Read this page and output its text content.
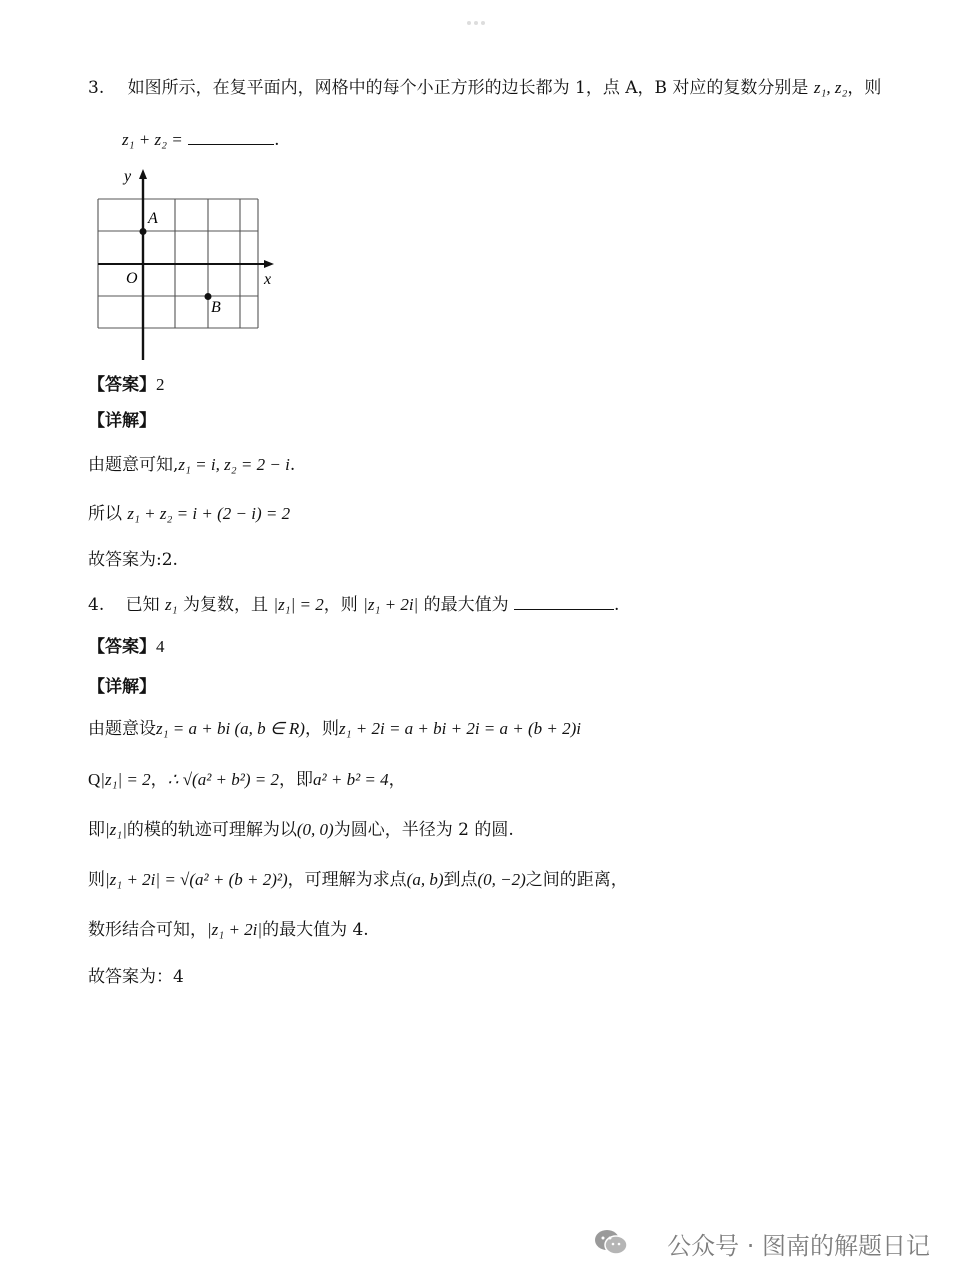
3. 如图所示，在复平面内，网格中的每个小正方形的边长都为 1，点 A，B 对应的复数分别是 z₁, z₂，则
z₁ + z₂ =	.
y
x
O
A
B
【答案】2
【详解】
由题意可知,z₁ = i, z₂ = 2 − i.
所以 z₁ + z₂ = i + (2 − i) = 2
故答案为:2.
4. 已知 z₁ 为复数，且 |z₁| = 2，则 |z₁ + 2i| 的最大值为	.
【答案】4
【详解】
由题意设z₁ = a + bi (a, b ∈ R)，则z₁ + 2i = a + bi + 2i = a + (b + 2)i
Q|z₁| = 2，∴ √(a² + b²) = 2，即a² + b² = 4，
即|z₁|的模的轨迹可理解为以(0, 0)为圆心，半径为 2 的圆.
则|z₁ + 2i| = √(a² + (b + 2)²)，可理解为求点(a, b)到点(0, −2)之间的距离，
数形结合可知，|z₁ + 2i|的最大值为 4.
故答案为：4
公众号 · 图南的解题日记
